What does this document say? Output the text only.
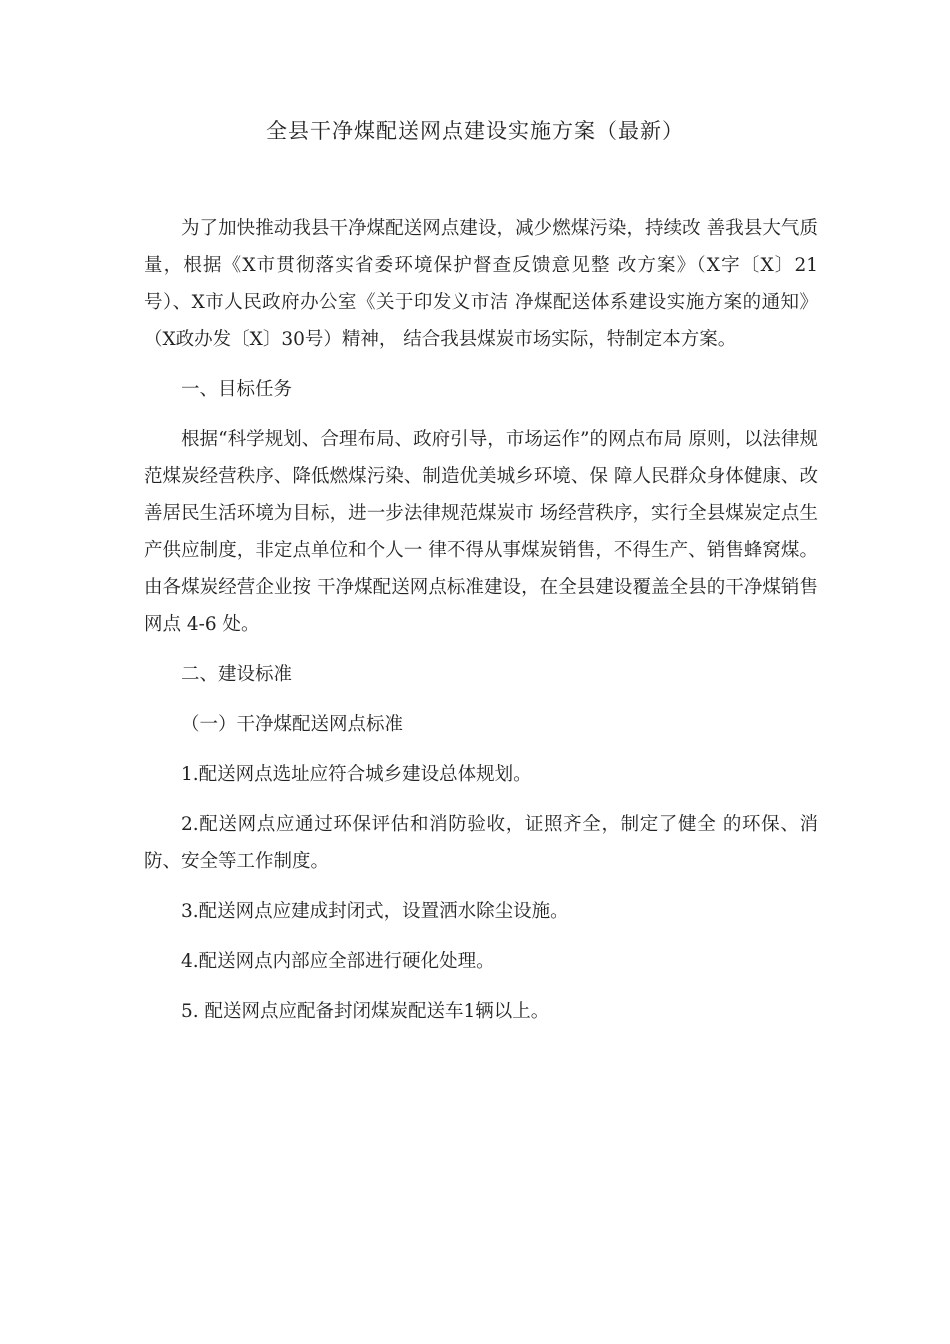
全县干净煤配送网点建设实施方案（最新）

为了加快推动我县干净煤配送网点建设，减少燃煤污染，持续改 善我县大气质量，根据《X市贯彻落实省委环境保护督查反馈意见整 改方案》（X字〔X〕21号）、X市人民政府办公室《关于印发义市洁 净煤配送体系建设实施方案的通知》（X政办发〔X〕30号）精神， 结合我县煤炭市场实际，特制定本方案。

一、目标任务

根据“科学规划、合理布局、政府引导，市场运作”的网点布局 原则，以法律规范煤炭经营秩序、降低燃煤污染、制造优美城乡环境、保 障人民群众身体健康、改善居民生活环境为目标，进一步法律规范煤炭市 场经营秩序，实行全县煤炭定点生产供应制度，非定点单位和个人一 律不得从事煤炭销售，不得生产、销售蜂窝煤。由各煤炭经营企业按 干净煤配送网点标准建设，在全县建设覆盖全县的干净煤销售网点 4-6 处。

二、建设标准

（一）干净煤配送网点标准

1.配送网点选址应符合城乡建设总体规划。

2.配送网点应通过环保评估和消防验收，证照齐全，制定了健全 的环保、消防、安全等工作制度。

3.配送网点应建成封闭式，设置洒水除尘设施。

4.配送网点内部应全部进行硬化处理。

5. 配送网点应配备封闭煤炭配送车1辆以上。
